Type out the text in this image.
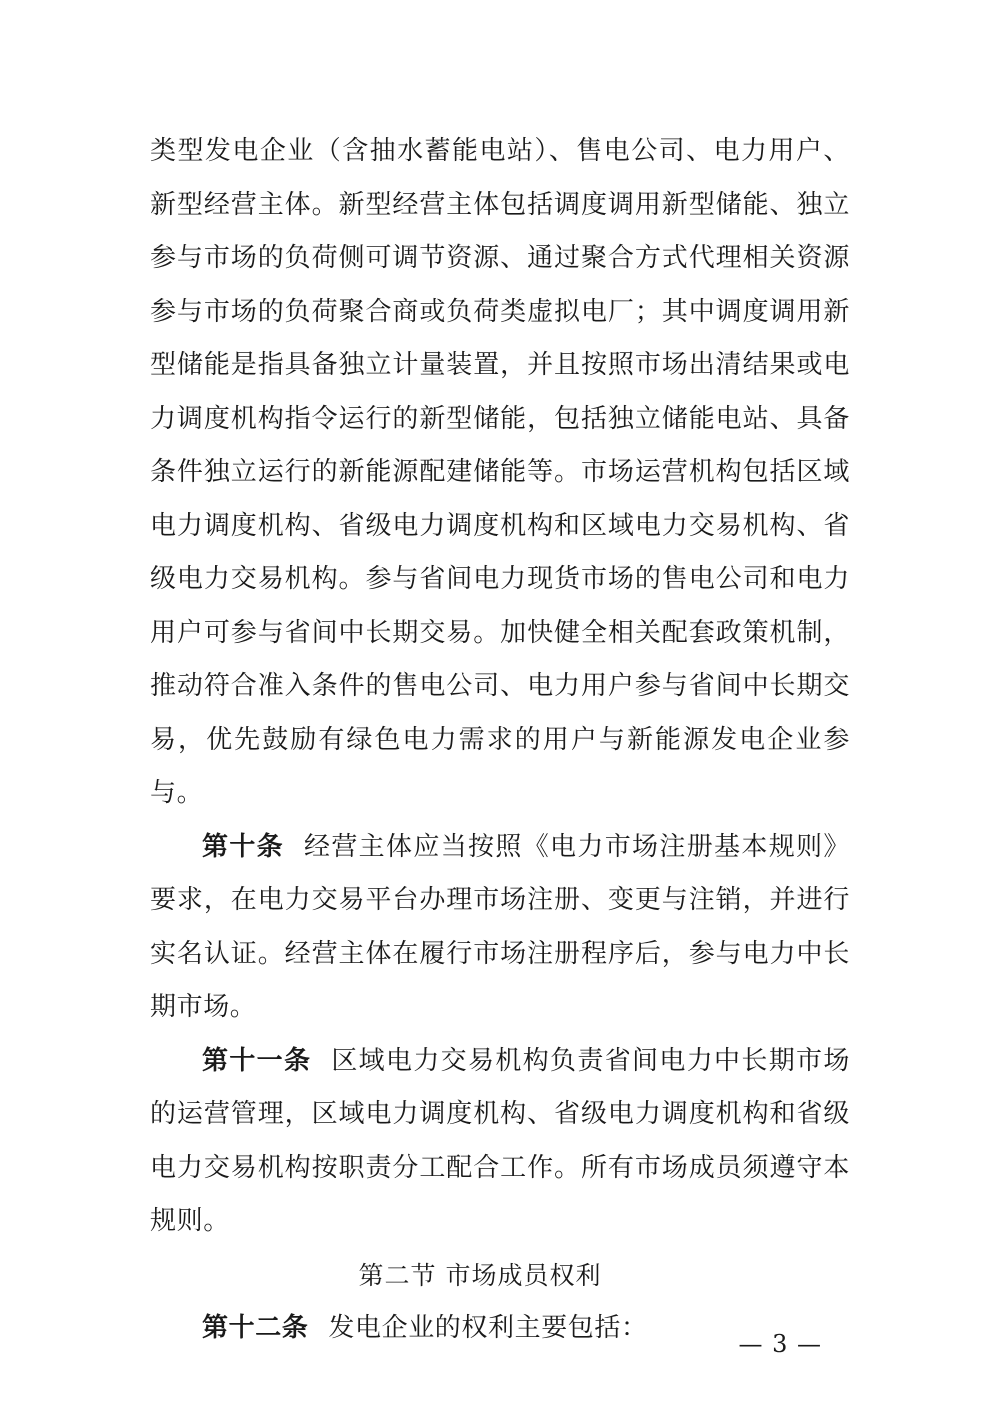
类型发电企业（含抽水蓄能电站）、售电公司、电力用户、新型经营主体。新型经营主体包括调度调用新型储能、独立参与市场的负荷侧可调节资源、通过聚合方式代理相关资源参与市场的负荷聚合商或负荷类虚拟电厂；其中调度调用新型储能是指具备独立计量装置，并且按照市场出清结果或电力调度机构指令运行的新型储能，包括独立储能电站、具备条件独立运行的新能源配建储能等。市场运营机构包括区域电力调度机构、省级电力调度机构和区域电力交易机构、省级电力交易机构。参与省间电力现货市场的售电公司和电力用户可参与省间中长期交易。加快健全相关配套政策机制，推动符合准入条件的售电公司、电力用户参与省间中长期交易，优先鼓励有绿色电力需求的用户与新能源发电企业参与。

第十条 经营主体应当按照《电力市场注册基本规则》要求，在电力交易平台办理市场注册、变更与注销，并进行实名认证。经营主体在履行市场注册程序后，参与电力中长期市场。

第十一条 区域电力交易机构负责省间电力中长期市场的运营管理，区域电力调度机构、省级电力调度机构和省级电力交易机构按职责分工配合工作。所有市场成员须遵守本规则。

第二节 市场成员权利

第十二条 发电企业的权利主要包括：

— 3 —
